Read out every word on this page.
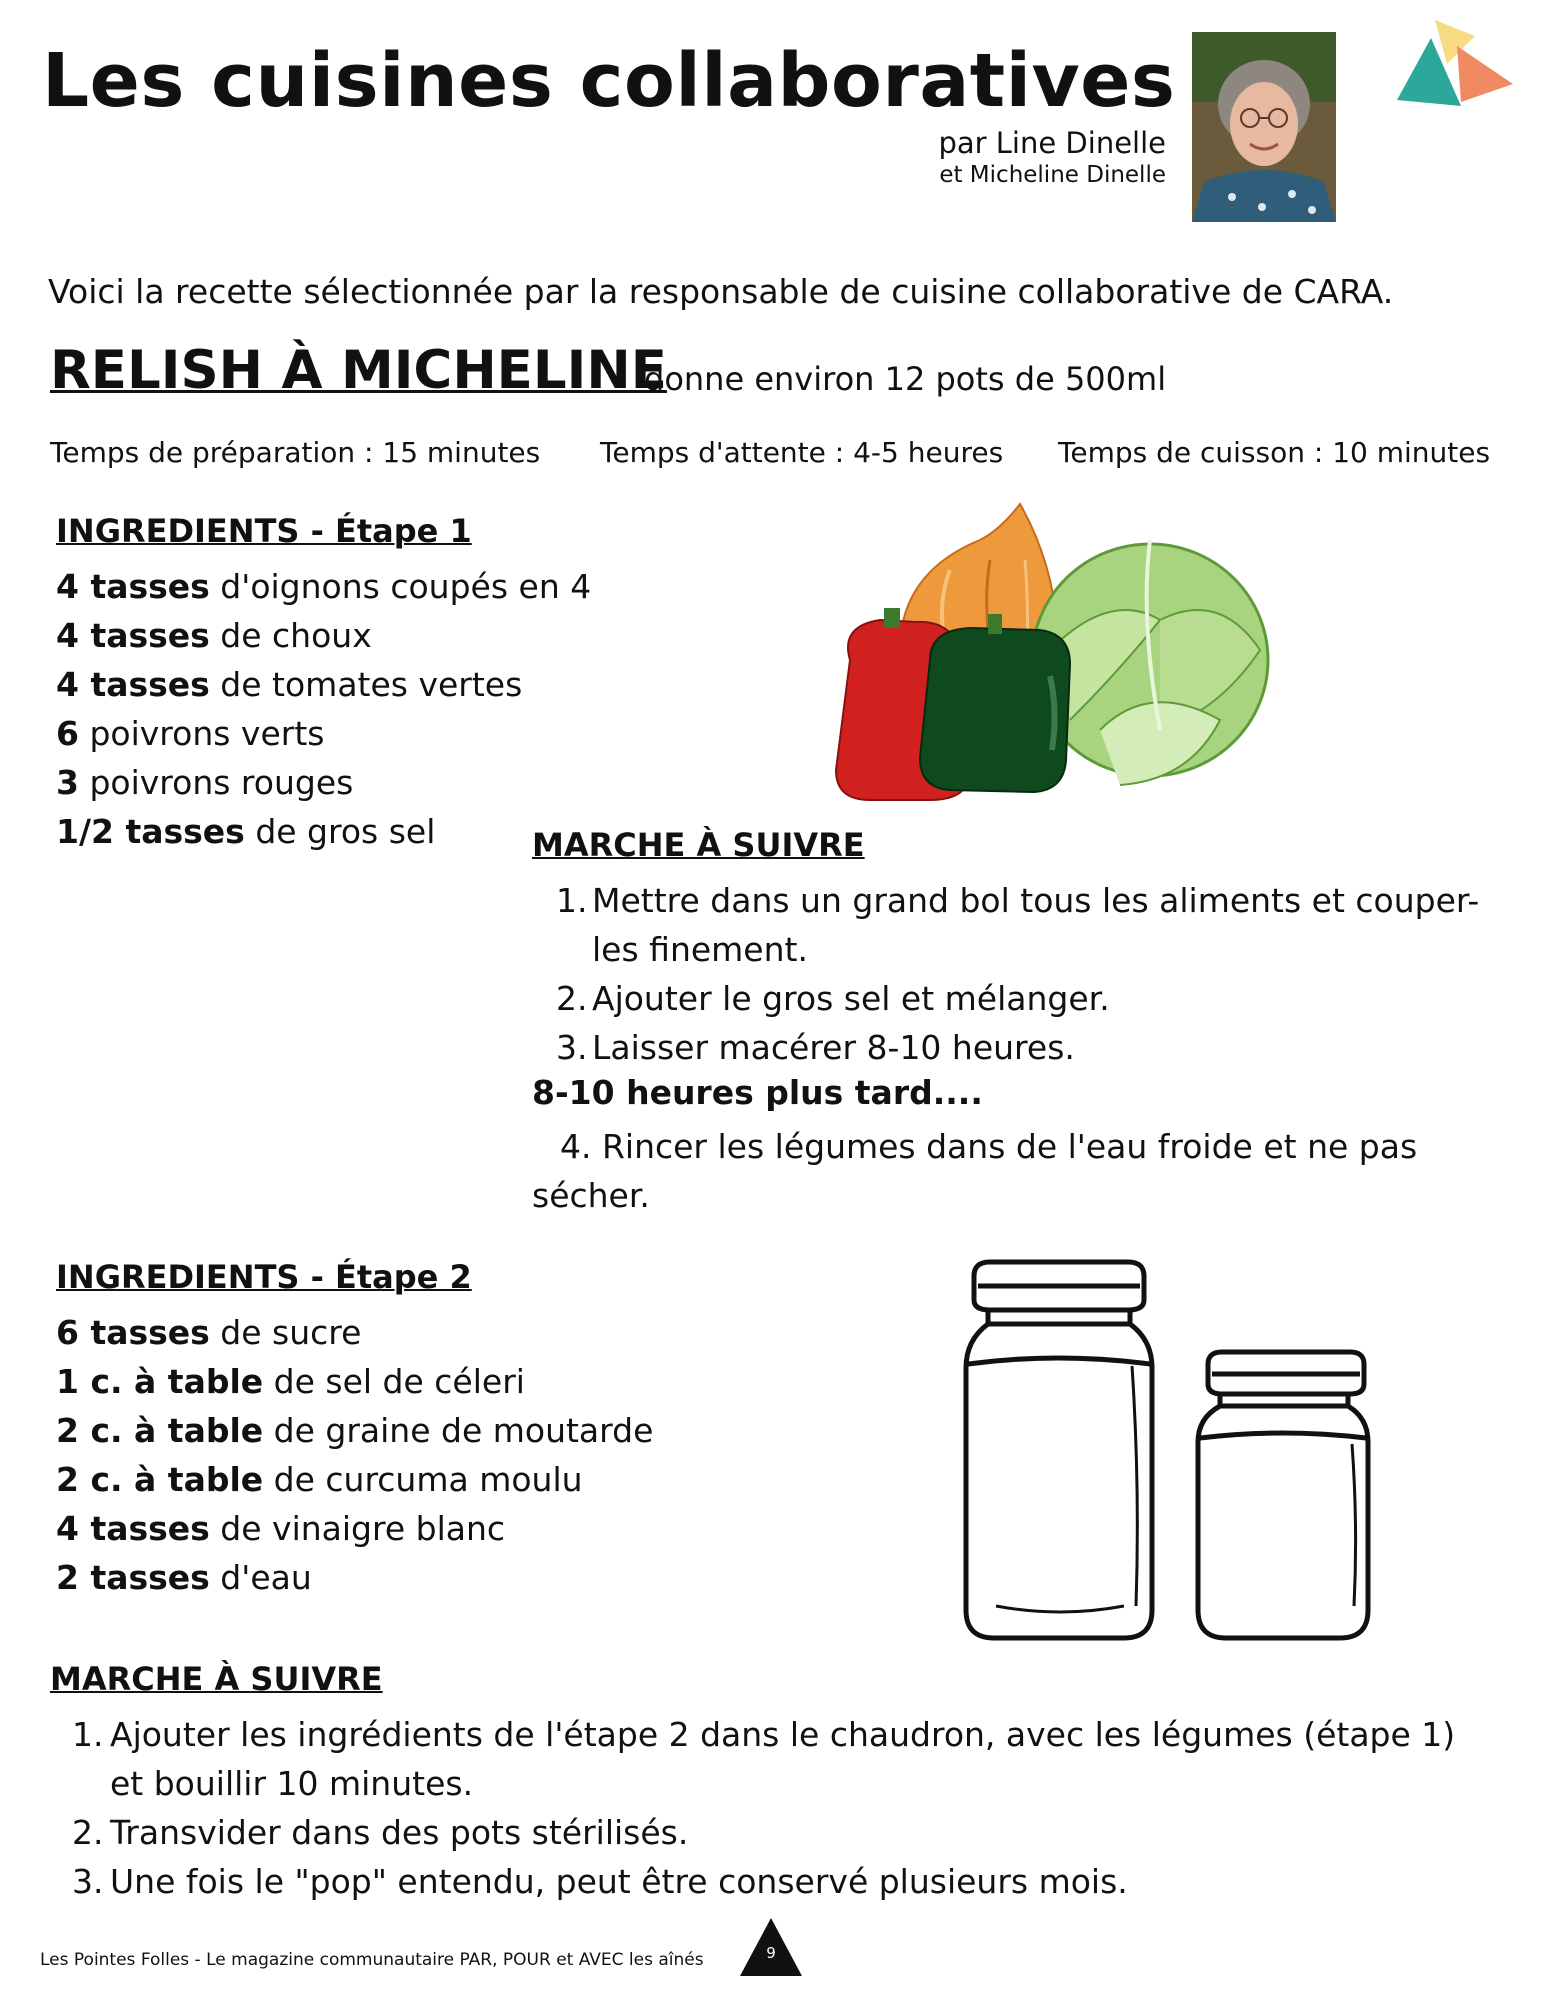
Les cuisines collaboratives
par Line Dinelle
et Micheline Dinelle
Voici la recette sélectionnée par la responsable de cuisine collaborative de CARA.
RELISH À MICHELINE
donne environ 12 pots de 500ml
Temps de préparation : 15 minutes Temps d'attente : 4-5 heures Temps de cuisson : 10 minutes
INGREDIENTS - Étape 1
4 tasses d'oignons coupés en 4
4 tasses de choux
4 tasses de tomates vertes
6 poivrons verts
3 poivrons rouges
1/2 tasses de gros sel	MARCHE À SUIVRE
1. Mettre dans un grand bol tous les aliments et couper-les finement.
2. Ajouter le gros sel et mélanger.
3. Laisser macérer 8-10 heures.
8-10 heures plus tard....
4. Rincer les légumes dans de l'eau froide et ne pas sécher.
INGREDIENTS - Étape 2
6 tasses de sucre
1 c. à table de sel de céleri
2 c. à table de graine de moutarde
2 c. à table de curcuma moulu
4 tasses de vinaigre blanc
2 tasses d'eau
MARCHE À SUIVRE
1. Ajouter les ingrédients de l'étape 2 dans le chaudron, avec les légumes (étape 1) et bouillir 10 minutes.
2. Transvider dans des pots stérilisés.
3. Une fois le "pop" entendu, peut être conservé plusieurs mois.
Les Pointes Folles - Le magazine communautaire PAR, POUR et AVEC les aînés	9
